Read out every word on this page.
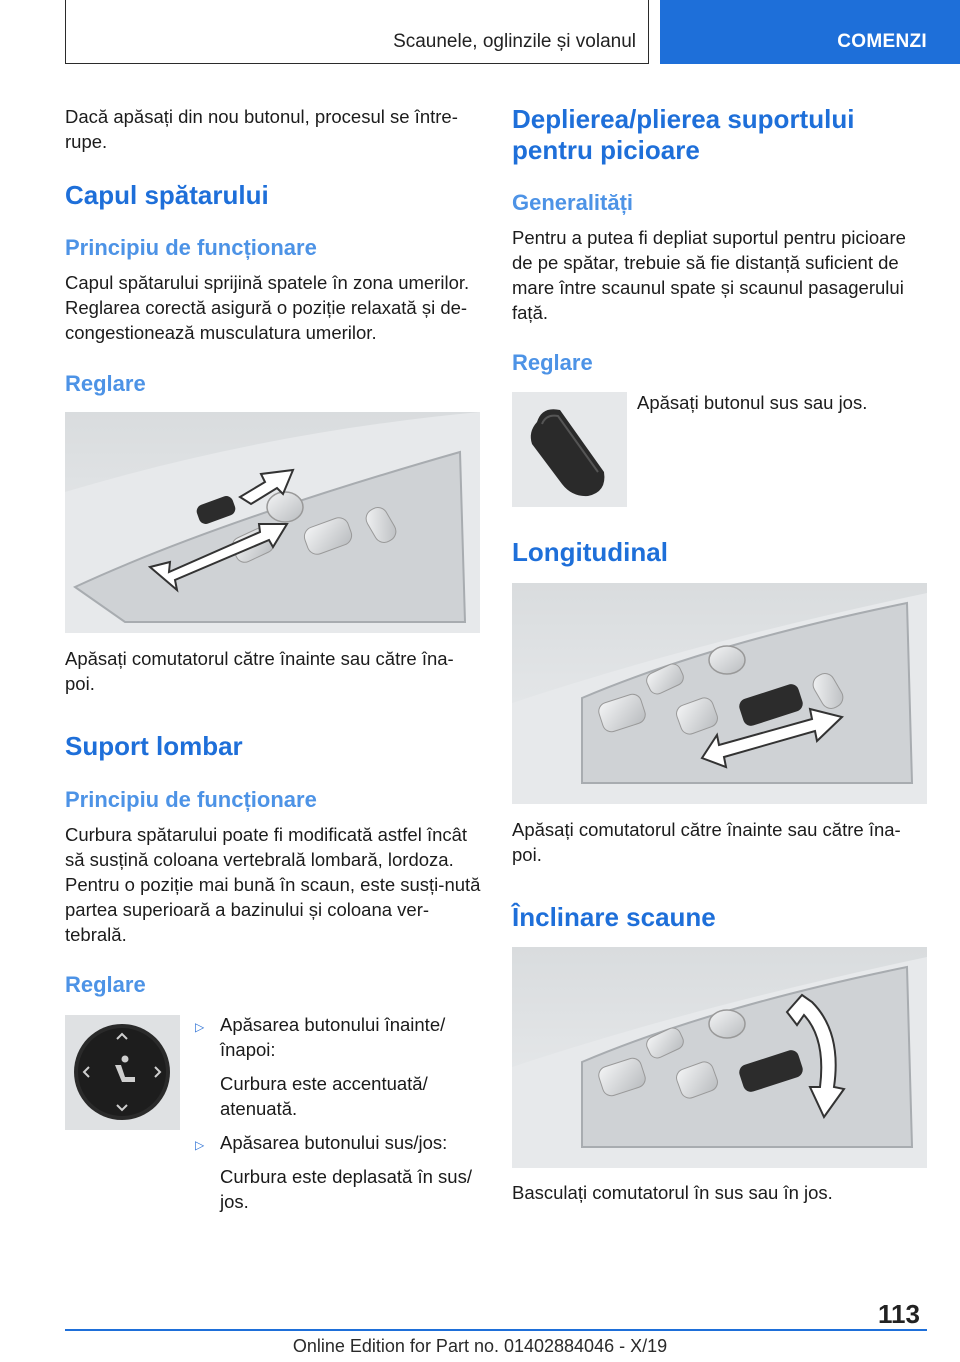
Scaunele, oglinzile și volanul	COMENZI

Dacă apăsați din nou butonul, procesul se între-rupe.

Capul spătarului
Principiu de funcționare

Capul spătarului sprijină spatele în zona umerilor. Reglarea corectă asigură o poziție relaxată și de-congestionează musculatura umerilor.

Reglare

Apăsați comutatorul către înainte sau către îna-poi.

Suport lombar
Principiu de funcționare

Curbura spătarului poate fi modificată astfel încât să susțină coloana vertebrală lombară, lordoza. Pentru o poziție mai bună în scaun, este susți-nută partea superioară a bazinului și coloana ver-tebrală.

Reglare
▷ Apăsarea butonului înainte/ înapoi:

Curbura este accentuată/ atenuată.

▷ Apăsarea butonului sus/jos:

Curbura este deplasată în sus/ jos.

Deplierea/plierea suportului pentru picioare
Generalități

Pentru a putea fi depliat suportul pentru picioare de pe spătar, trebuie să fie distanță suficient de mare între scaunul spate și scaunul pasagerului față.

Reglare

Apăsați butonul sus sau jos.

Longitudinal

Apăsați comutatorul către înainte sau către îna-poi.

Înclinare scaune

Basculați comutatorul în sus sau în jos.

113
Online Edition for Part no. 01402884046 - X/19
